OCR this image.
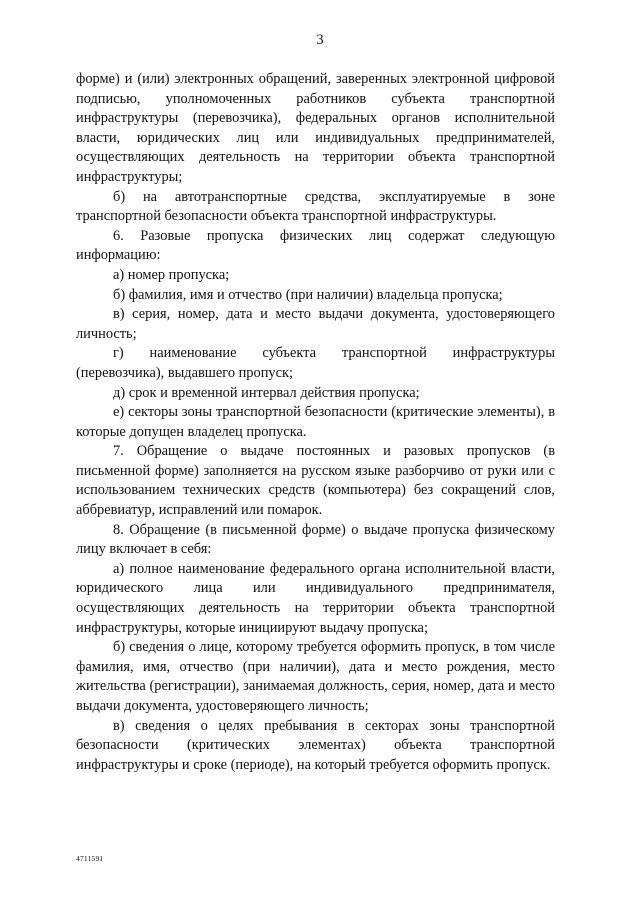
3

форме) и (или) электронных обращений, заверенных электронной цифровой подписью, уполномоченных работников субъекта транспортной инфраструктуры (перевозчика), федеральных органов исполнительной власти, юридических лиц или индивидуальных предпринимателей, осуществляющих деятельность на территории объекта транспортной инфраструктуры;

б) на автотранспортные средства, эксплуатируемые в зоне транспортной безопасности объекта транспортной инфраструктуры.

6. Разовые пропуска физических лиц содержат следующую информацию:

а) номер пропуска;

б) фамилия, имя и отчество (при наличии) владельца пропуска;

в) серия, номер, дата и место выдачи документа, удостоверяющего личность;

г) наименование субъекта транспортной инфраструктуры (перевозчика), выдавшего пропуск;

д) срок и временной интервал действия пропуска;

е) секторы зоны транспортной безопасности (критические элементы), в которые допущен владелец пропуска.

7. Обращение о выдаче постоянных и разовых пропусков (в письменной форме) заполняется на русском языке разборчиво от руки или с использованием технических средств (компьютера) без сокращений слов, аббревиатур, исправлений или помарок.

8. Обращение (в письменной форме) о выдаче пропуска физическому лицу включает в себя:

а) полное наименование федерального органа исполнительной власти, юридического лица или индивидуального предпринимателя, осуществляющих деятельность на территории объекта транспортной инфраструктуры, которые инициируют выдачу пропуска;

б) сведения о лице, которому требуется оформить пропуск, в том числе фамилия, имя, отчество (при наличии), дата и место рождения, место жительства (регистрации), занимаемая должность, серия, номер, дата и место выдачи документа, удостоверяющего личность;

в) сведения о целях пребывания в секторах зоны транспортной безопасности (критических элементах) объекта транспортной инфраструктуры и сроке (периоде), на который требуется оформить пропуск.

4711591
